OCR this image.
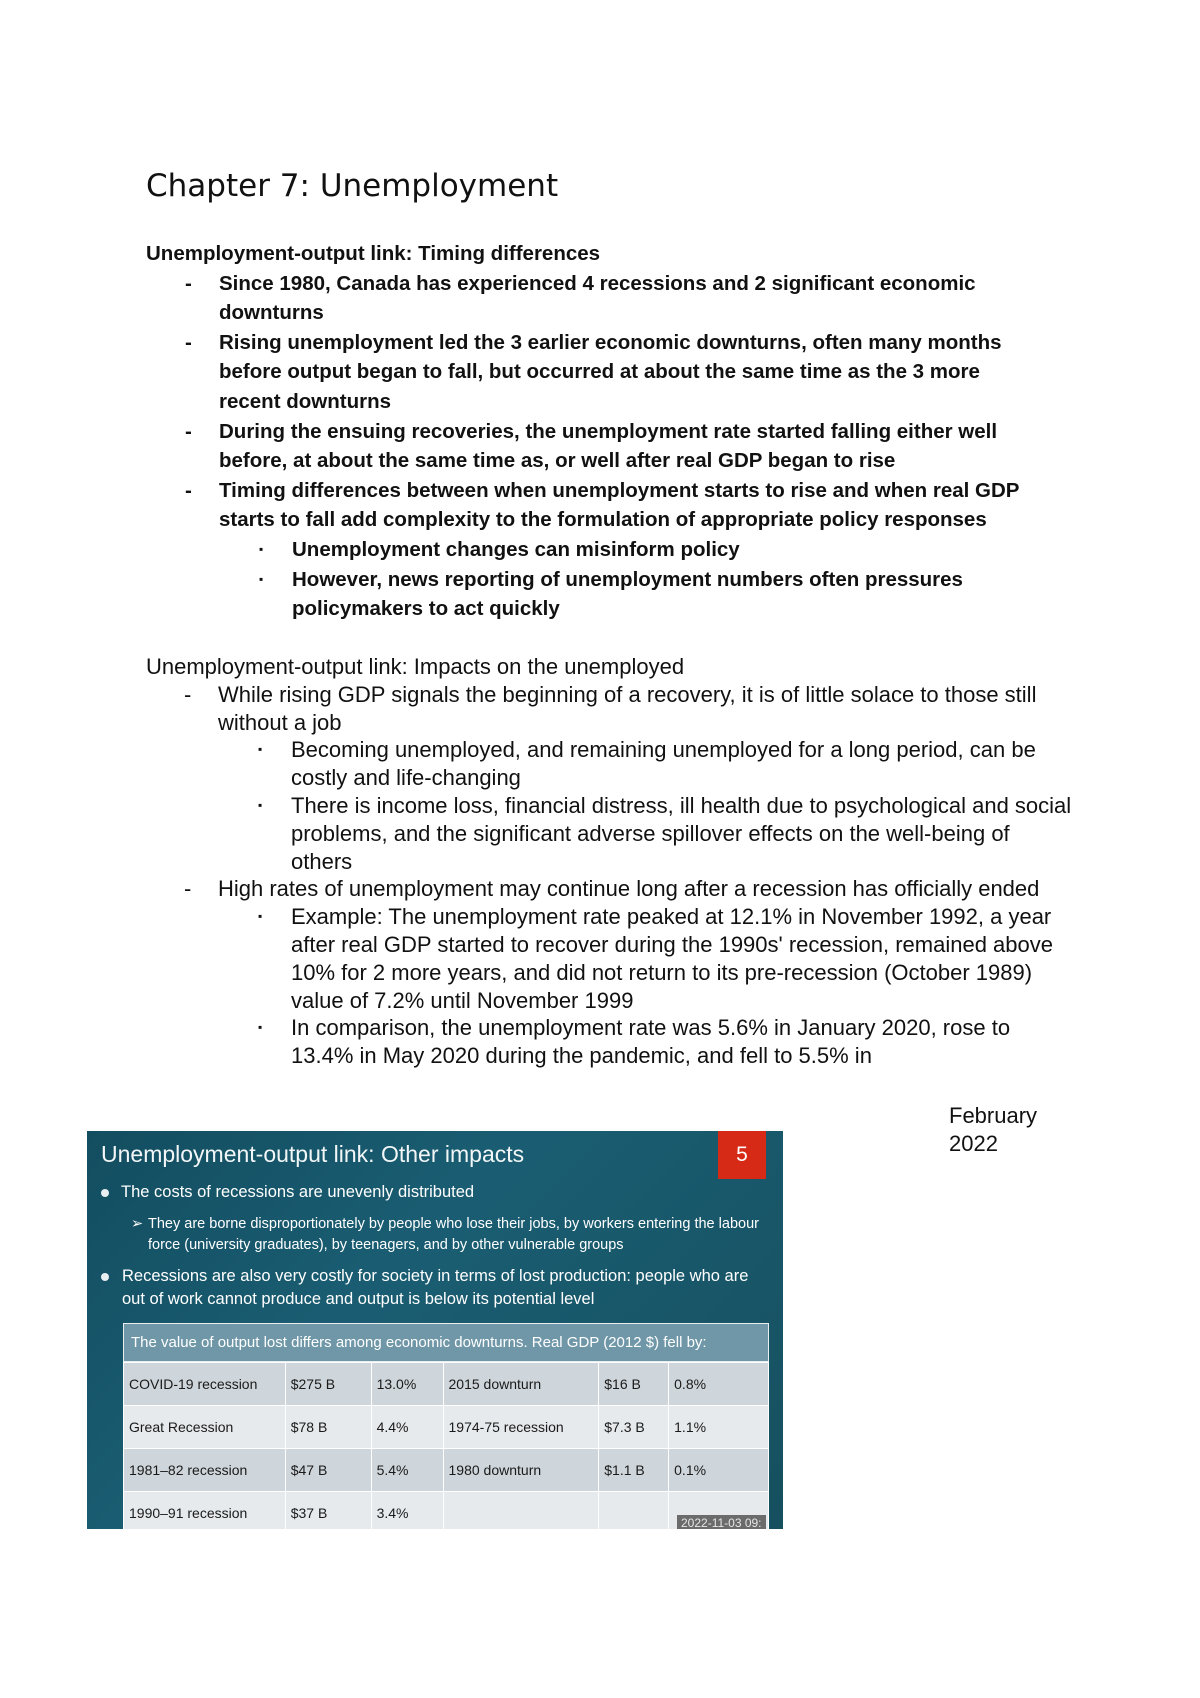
Chapter 7: Unemployment

Unemployment-output link: Timing differences

- Since 1980, Canada has experienced 4 recessions and 2 significant economic downturns
- Rising unemployment led the 3 earlier economic downturns, often many months before output began to fall, but occurred at about the same time as the 3 more recent downturns
- During the ensuing recoveries, the unemployment rate started falling either well before, at about the same time as, or well after real GDP began to rise
- Timing differences between when unemployment starts to rise and when real GDP starts to fall add complexity to the formulation of appropriate policy responses
▪ Unemployment changes can misinform policy
▪ However, news reporting of unemployment numbers often pressures policymakers to act quickly

Unemployment-output link: Impacts on the unemployed

- While rising GDP signals the beginning of a recovery, it is of little solace to those still without a job
▪ Becoming unemployed, and remaining unemployed for a long period, can be costly and life-changing
▪ There is income loss, financial distress, ill health due to psychological and social problems, and the significant adverse spillover effects on the well-being of others
- High rates of unemployment may continue long after a recession has officially ended
▪ Example: The unemployment rate peaked at 12.1% in November 1992, a year after real GDP started to recover during the 1990s' recession, remained above 10% for 2 more years, and did not return to its pre-recession (October 1989) value of 7.2% until November 1999
▪ In comparison, the unemployment rate was 5.6% in January 2020, rose to 13.4% in May 2020 during the pandemic, and fell to 5.5% in
February
2022
Unemployment-output link: Other impacts	5
The costs of recessions are unevenly distributed
➢ They are borne disproportionately by people who lose their jobs, by workers entering the labour force (university graduates), by teenagers, and by other vulnerable groups
Recessions are also very costly for society in terms of lost production: people who are out of work cannot produce and output is below its potential level
The value of output lost differs among economic downturns. Real GDP (2012 $) fell by:
COVID-19 recession	$275 B	13.0%	2015 downturn	$16 B	0.8%
Great Recession	$78 B	4.4%	1974-75 recession	$7.3 B	1.1%
1981–82 recession	$47 B	5.4%	1980 downturn	$1.1 B	0.1%
1990–91 recession	$37 B	3.4%			
2022-11-03 09:
